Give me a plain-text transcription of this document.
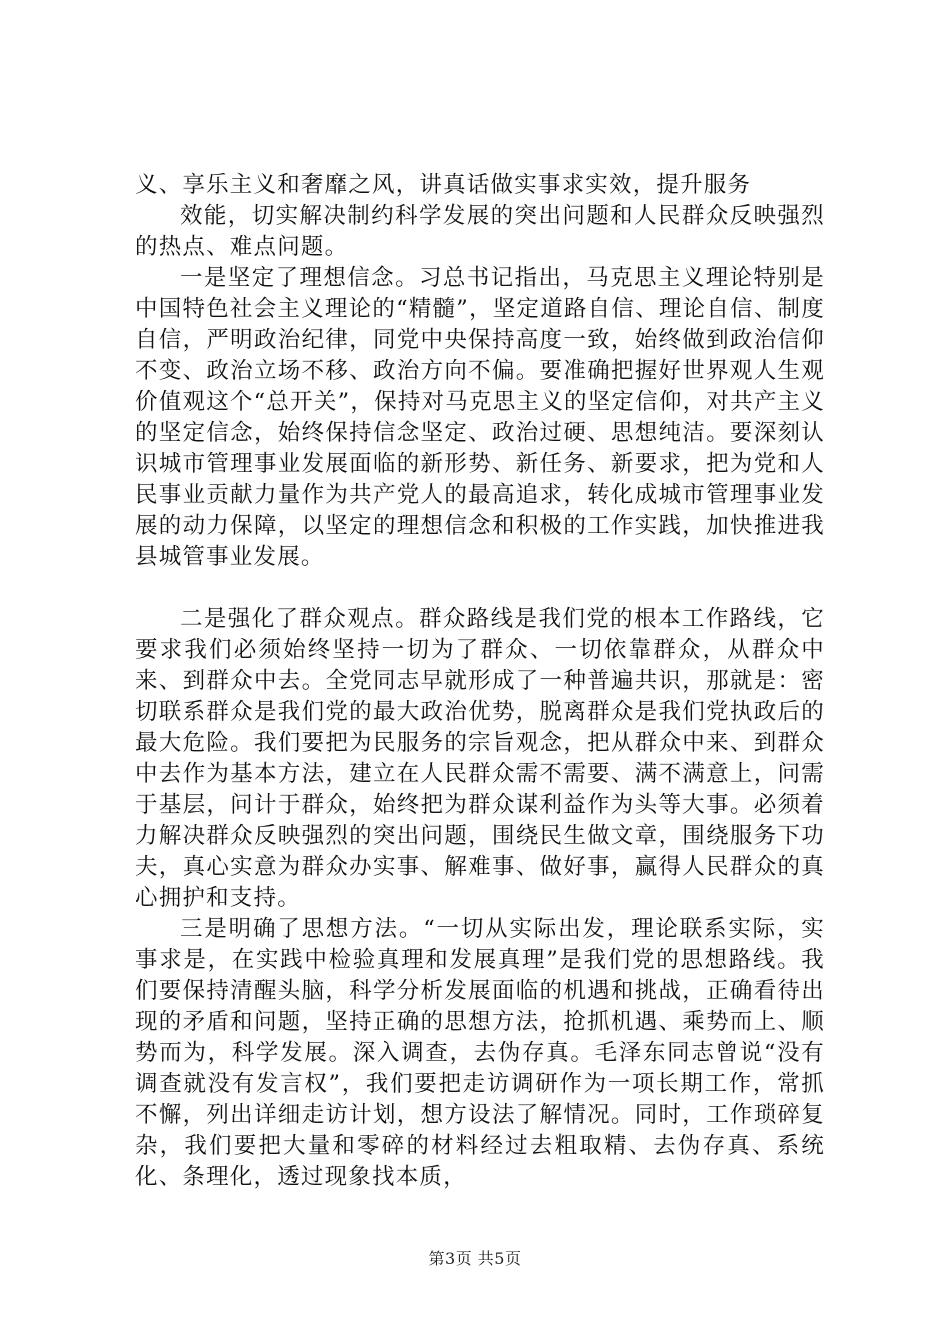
义、享乐主义和奢靡之风，讲真话做实事求实效，提升服务

效能，切实解决制约科学发展的突出问题和人民群众反映强烈的热点、难点问题。

一是坚定了理想信念。习总书记指出，马克思主义理论特别是中国特色社会主义理论的“精髓”，坚定道路自信、理论自信、制度自信，严明政治纪律，同党中央保持高度一致，始终做到政治信仰不变、政治立场不移、政治方向不偏。要准确把握好世界观人生观价值观这个“总开关”，保持对马克思主义的坚定信仰，对共产主义的坚定信念，始终保持信念坚定、政治过硬、思想纯洁。要深刻认识城市管理事业发展面临的新形势、新任务、新要求，把为党和人民事业贡献力量作为共产党人的最高追求，转化成城市管理事业发展的动力保障，以坚定的理想信念和积极的工作实践，加快推进我县城管事业发展。

二是强化了群众观点。群众路线是我们党的根本工作路线，它要求我们必须始终坚持一切为了群众、一切依靠群众，从群众中来、到群众中去。全党同志早就形成了一种普遍共识，那就是：密切联系群众是我们党的最大政治优势，脱离群众是我们党执政后的最大危险。我们要把为民服务的宗旨观念，把从群众中来、到群众中去作为基本方法，建立在人民群众需不需要、满不满意上，问需于基层，问计于群众，始终把为群众谋利益作为头等大事。必须着力解决群众反映强烈的突出问题，围绕民生做文章，围绕服务下功夫，真心实意为群众办实事、解难事、做好事，赢得人民群众的真心拥护和支持。

三是明确了思想方法。“一切从实际出发，理论联系实际，实事求是，在实践中检验真理和发展真理”是我们党的思想路线。我们要保持清醒头脑，科学分析发展面临的机遇和挑战，正确看待出现的矛盾和问题，坚持正确的思想方法，抢抓机遇、乘势而上、顺势而为，科学发展。深入调查，去伪存真。毛泽东同志曾说“没有调查就没有发言权”，我们要把走访调研作为一项长期工作，常抓不懈，列出详细走访计划，想方设法了解情况。同时，工作琐碎复杂，我们要把大量和零碎的材料经过去粗取精、去伪存真、系统化、条理化，透过现象找本质，

第3页 共5页
